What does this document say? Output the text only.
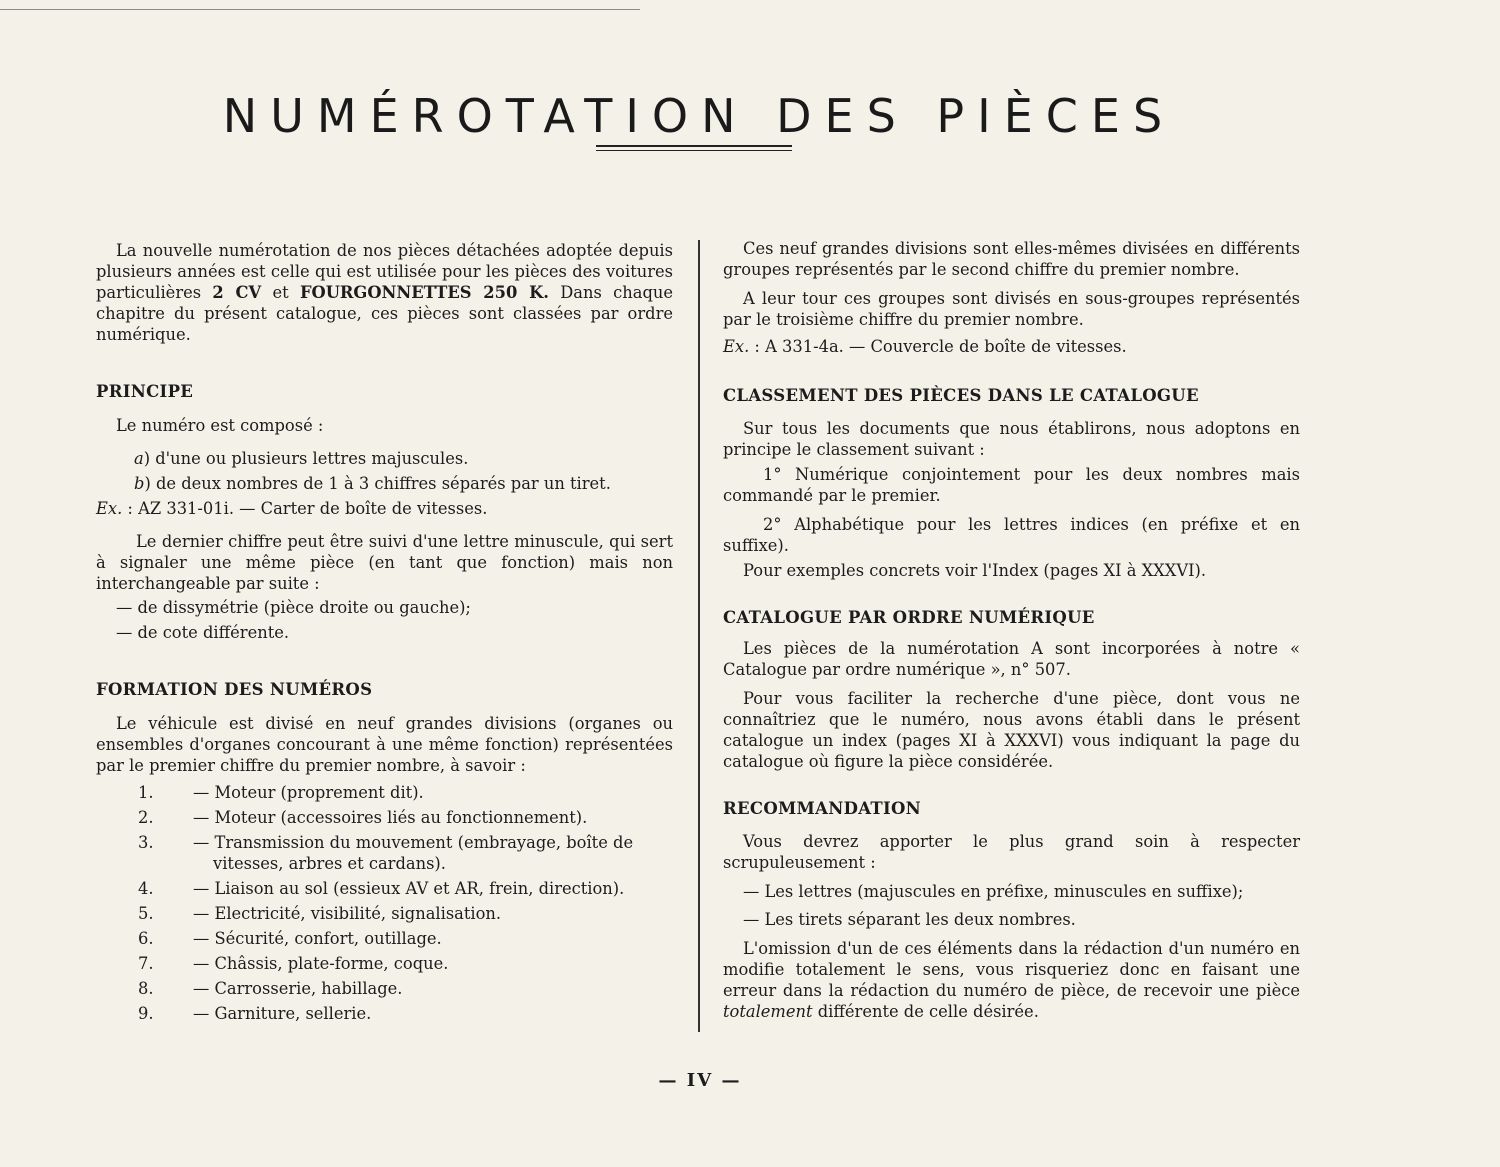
NUMÉROTATION DES PIÈCES

La nouvelle numérotation de nos pièces détachées adoptée depuis plusieurs années est celle qui est utilisée pour les pièces des voitures particulières 2 CV et FOURGONNETTES 250 K. Dans chaque chapitre du présent catalogue, ces pièces sont classées par ordre numérique.

PRINCIPE

Le numéro est composé :

a) d'une ou plusieurs lettres majuscules.

b) de deux nombres de 1 à 3 chiffres séparés par un tiret.

Ex. : AZ 331-01i. — Carter de boîte de vitesses.

Le dernier chiffre peut être suivi d'une lettre minuscule, qui sert à signaler une même pièce (en tant que fonction) mais non interchangeable par suite :

— de dissymétrie (pièce droite ou gauche);

— de cote différente.

FORMATION DES NUMÉROS

Le véhicule est divisé en neuf grandes divisions (organes ou ensembles d'organes concourant à une même fonction) représentées par le premier chiffre du premier nombre, à savoir :

1. — Moteur (proprement dit).
2. — Moteur (accessoires liés au fonctionnement).
3. — Transmission du mouvement (embrayage, boîte de
vitesses, arbres et cardans).
4. — Liaison au sol (essieux AV et AR, frein, direction).
5. — Electricité, visibilité, signalisation.
6. — Sécurité, confort, outillage.
7. — Châssis, plate-forme, coque.
8. — Carrosserie, habillage.
9. — Garniture, sellerie.

Ces neuf grandes divisions sont elles-mêmes divisées en différents groupes représentés par le second chiffre du premier nombre.

A leur tour ces groupes sont divisés en sous-groupes représentés par le troisième chiffre du premier nombre.

Ex. : A 331-4a. — Couvercle de boîte de vitesses.

CLASSEMENT DES PIÈCES DANS LE CATALOGUE

Sur tous les documents que nous établirons, nous adoptons en principe le classement suivant :

1° Numérique conjointement pour les deux nombres mais commandé par le premier.

2° Alphabétique pour les lettres indices (en préfixe et en suffixe).

Pour exemples concrets voir l'Index (pages XI à XXXVI).

CATALOGUE PAR ORDRE NUMÉRIQUE

Les pièces de la numérotation A sont incorporées à notre « Catalogue par ordre numérique », n° 507.

Pour vous faciliter la recherche d'une pièce, dont vous ne connaîtriez que le numéro, nous avons établi dans le présent catalogue un index (pages XI à XXXVI) vous indiquant la page du catalogue où figure la pièce considérée.

RECOMMANDATION

Vous devrez apporter le plus grand soin à respecter scrupuleusement :

— Les lettres (majuscules en préfixe, minuscules en suffixe);

— Les tirets séparant les deux nombres.

L'omission d'un de ces éléments dans la rédaction d'un numéro en modifie totalement le sens, vous risqueriez donc en faisant une erreur dans la rédaction du numéro de pièce, de recevoir une pièce totalement différente de celle désirée.

— IV —
